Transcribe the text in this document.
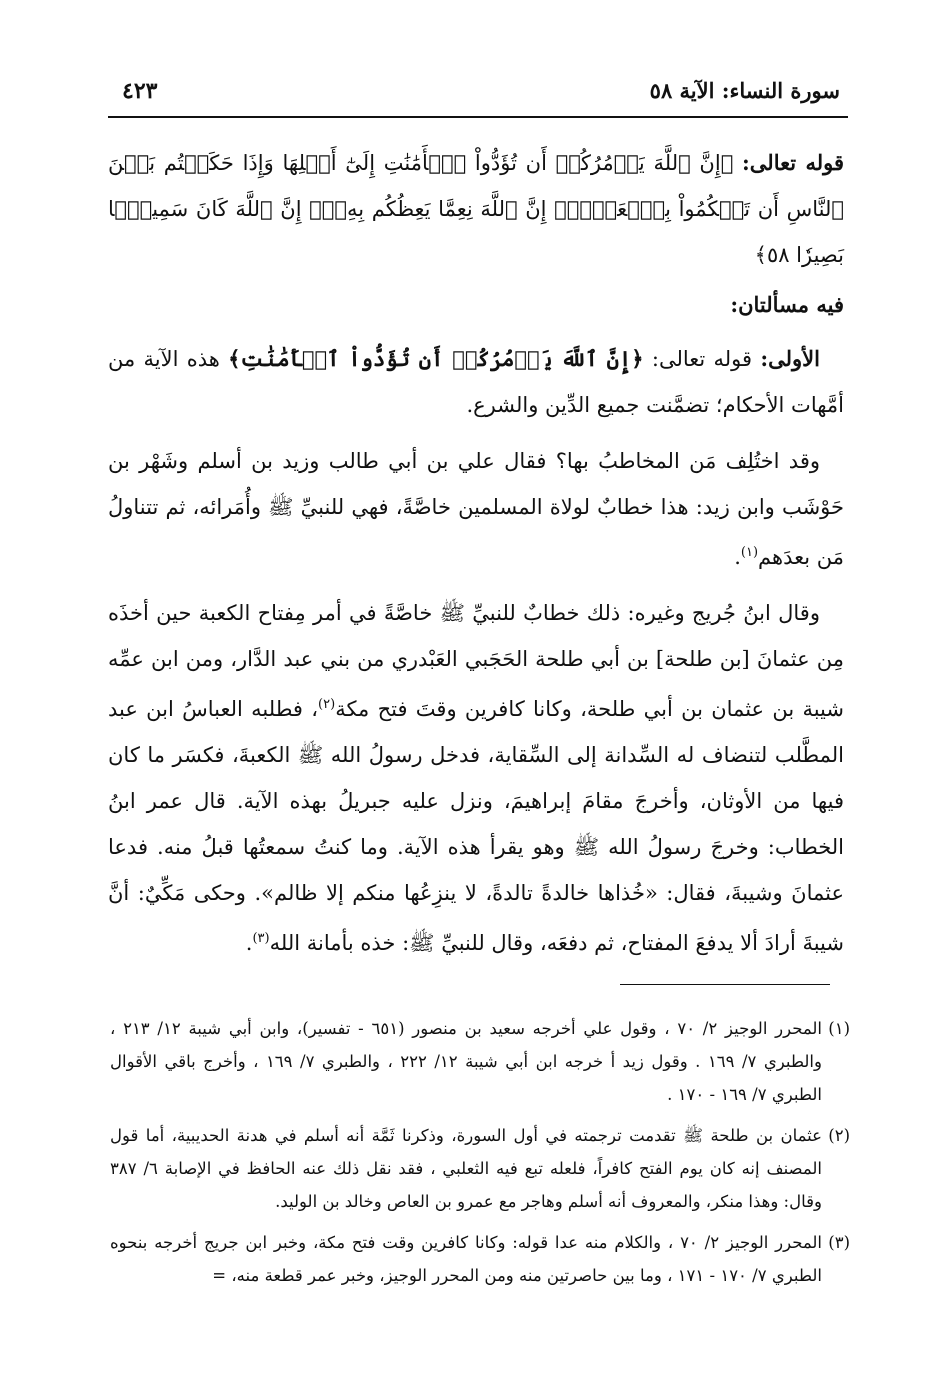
سورة النساء: الآية ٥٨
٤٢٣

قوله تعالى: ﴿إِنَّ ٱللَّهَ يَأۡمُرُكُمۡ أَن تُؤَدُّواْ ٱلۡأَمَٰنَٰتِ إِلَىٰٓ أَهۡلِهَا وَإِذَا حَكَمۡتُم بَيۡنَ ٱلنَّاسِ أَن تَحۡكُمُواْ بِٱلۡعَدۡلِۚ إِنَّ ٱللَّهَ نِعِمَّا يَعِظُكُم بِهِۦٓۗ إِنَّ ٱللَّهَ كَانَ سَمِيعَۢا بَصِيرٗا ٥٨﴾

فيه مسألتان:

الأولى: قوله تعالى: ﴿إِنَّ ٱللَّهَ يَأۡمُرُكُمۡ أَن تُؤَدُّواْ ٱلۡأَمَٰنَٰتِ﴾ هذه الآية من أمَّهات الأحكام؛ تضمَّنت جميع الدِّين والشرع.

وقد اختُلِف مَن المخاطبُ بها؟ فقال علي بن أبي طالب وزيد بن أسلم وشَهْر بن حَوْشَب وابن زيد: هذا خطابٌ لولاة المسلمين خاصَّةً، فهي للنبيِّ ﷺ وأُمَرائه، ثم تتناولُ مَن بعدَهم$^{(١)}$.

وقال ابنُ جُريج وغيره: ذلك خطابٌ للنبيِّ ﷺ خاصَّةً في أمر مِفتاح الكعبة حين أخذَه مِن عثمانَ [بن طلحة] بن أبي طلحة الحَجَبي العَبْدري من بني عبد الدَّار، ومن ابن عمِّه شيبة بن عثمان بن أبي طلحة، وكانا كافرين وقتَ فتح مكة$^{(٢)}$، فطلبه العباسُ ابن عبد المطَّلب لتنضاف له السِّدانة إلى السِّقاية، فدخل رسولُ الله ﷺ الكعبةَ، فكسَر ما كان فيها من الأوثان، وأخرجَ مقامَ إبراهيمَ، ونزل عليه جبريلُ بهذه الآية. قال عمر ابنُ الخطاب: وخرجَ رسولُ الله ﷺ وهو يقرأ هذه الآية. وما كنتُ سمعتُها قبلُ منه. فدعا عثمانَ وشيبةَ، فقال: «خُذاها خالدةً تالدةً، لا ينزِعُها منكم إلا ظالم». وحكى مَكِّيٌ: أنَّ شيبةَ أرادَ ألا يدفعَ المفتاح، ثم دفعَه، وقال للنبيِّ ﷺ: خذه بأمانة الله$^{(٣)}$.

(١)
المحرر الوجيز ٢/ ٧٠ ، وقول علي أخرجه سعيد بن منصور (٦٥١ - تفسير)، وابن أبي شيبة ١٢/ ٢١٣ ، والطبري ٧/ ١٦٩ . وقول زيد أ خرجه ابن أبي شيبة ١٢/ ٢٢٢ ، والطبري ٧/ ١٦٩ ، وأخرج باقي الأقوال الطبري ٧/ ١٦٩ - ١٧٠ .

(٢)
عثمان بن طلحة ﷺ تقدمت ترجمته في أول السورة، وذكرنا ثَمَّة أنه أسلم في هدنة الحديبية، أما قول المصنف إنه كان يوم الفتح كافراً، فلعله تبع فيه الثعلبي ، فقد نقل ذلك عنه الحافظ في الإصابة ٦/ ٣٨٧ وقال: وهذا منكر، والمعروف أنه أسلم وهاجر مع عمرو بن العاص وخالد بن الوليد.

(٣)
المحرر الوجيز ٢/ ٧٠ ، والكلام منه عدا قوله: وكانا كافرين وقت فتح مكة، وخبر ابن جريج أخرجه بنحوه الطبري ٧/ ١٧٠ - ١٧١ ، وما بين حاصرتين منه ومن المحرر الوجيز، وخبر عمر قطعة منه، =
